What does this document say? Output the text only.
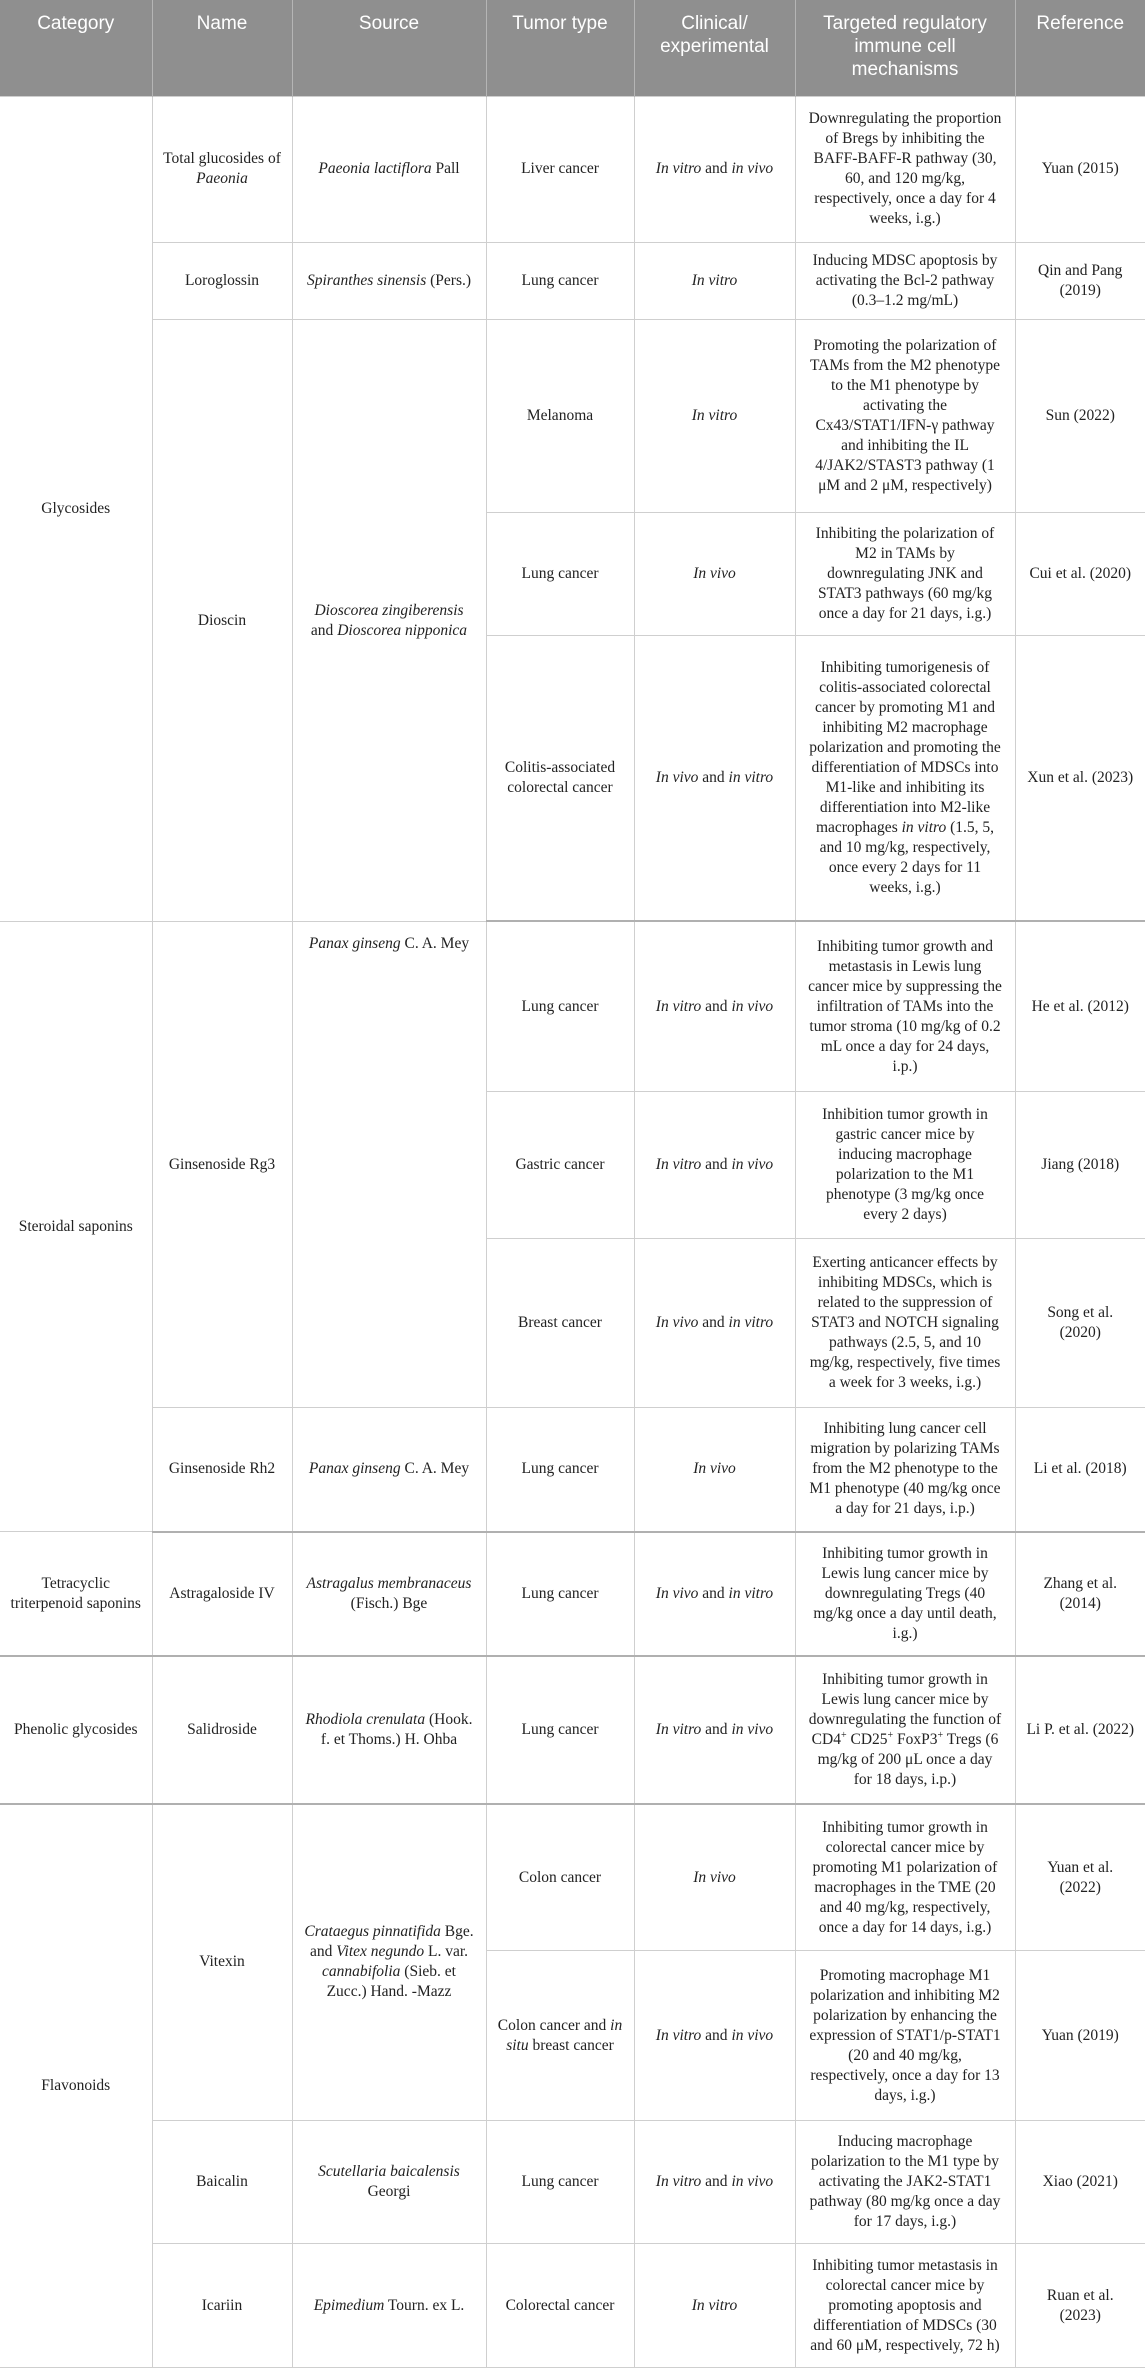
Category	Name	Source	Tumor type	Clinical/ experimental	Targeted regulatory immune cell mechanisms	Reference
Glycosides	Total glucosides of Paeonia	Paeonia lactiflora Pall	Liver cancer	In vitro and in vivo	Downregulating the proportion of Bregs by inhibiting the BAFF-BAFF-R pathway (30, 60, and 120 mg/kg, respectively, once a day for 4 weeks, i.g.)	Yuan (2015)
	Loroglossin	Spiranthes sinensis (Pers.)	Lung cancer	In vitro	Inducing MDSC apoptosis by activating the Bcl-2 pathway (0.3–1.2 mg/mL)	Qin and Pang (2019)
	Dioscin	Dioscorea zingiberensis and Dioscorea nipponica	Melanoma	In vitro	Promoting the polarization of TAMs from the M2 phenotype to the M1 phenotype by activating the Cx43/STAT1/IFN-γ pathway and inhibiting the IL 4/JAK2/STAST3 pathway (1 μM and 2 μM, respectively)	Sun (2022)
			Lung cancer	In vivo	Inhibiting the polarization of M2 in TAMs by downregulating JNK and STAT3 pathways (60 mg/kg once a day for 21 days, i.g.)	Cui et al. (2020)
			Colitis-associated colorectal cancer	In vivo and in vitro	Inhibiting tumorigenesis of colitis-associated colorectal cancer by promoting M1 and inhibiting M2 macrophage polarization and promoting the differentiation of MDSCs into M1-like and inhibiting its differentiation into M2-like macrophages in vitro (1.5, 5, and 10 mg/kg, respectively, once every 2 days for 11 weeks, i.g.)	Xun et al. (2023)
Steroidal saponins	Ginsenoside Rg3	Panax ginseng C. A. Mey	Lung cancer	In vitro and in vivo	Inhibiting tumor growth and metastasis in Lewis lung cancer mice by suppressing the infiltration of TAMs into the tumor stroma (10 mg/kg of 0.2 mL once a day for 24 days, i.p.)	He et al. (2012)
			Gastric cancer	In vitro and in vivo	Inhibition tumor growth in gastric cancer mice by inducing macrophage polarization to the M1 phenotype (3 mg/kg once every 2 days)	Jiang (2018)
			Breast cancer	In vivo and in vitro	Exerting anticancer effects by inhibiting MDSCs, which is related to the suppression of STAT3 and NOTCH signaling pathways (2.5, 5, and 10 mg/kg, respectively, five times a week for 3 weeks, i.g.)	Song et al. (2020)
	Ginsenoside Rh2	Panax ginseng C. A. Mey	Lung cancer	In vivo	Inhibiting lung cancer cell migration by polarizing TAMs from the M2 phenotype to the M1 phenotype (40 mg/kg once a day for 21 days, i.p.)	Li et al. (2018)
Tetracyclic triterpenoid saponins	Astragaloside IV	Astragalus membranaceus (Fisch.) Bge	Lung cancer	In vivo and in vitro	Inhibiting tumor growth in Lewis lung cancer mice by downregulating Tregs (40 mg/kg once a day until death, i.g.)	Zhang et al. (2014)
Phenolic glycosides	Salidroside	Rhodiola crenulata (Hook. f. et Thoms.) H. Ohba	Lung cancer	In vitro and in vivo	Inhibiting tumor growth in Lewis lung cancer mice by downregulating the function of CD4+ CD25+ FoxP3+ Tregs (6 mg/kg of 200 μL once a day for 18 days, i.p.)	Li P. et al. (2022)
Flavonoids	Vitexin	Crataegus pinnatifida Bge. and Vitex negundo L. var. cannabifolia (Sieb. et Zucc.) Hand. -Mazz	Colon cancer	In vivo	Inhibiting tumor growth in colorectal cancer mice by promoting M1 polarization of macrophages in the TME (20 and 40 mg/kg, respectively, once a day for 14 days, i.g.)	Yuan et al. (2022)
			Colon cancer and in situ breast cancer	In vitro and in vivo	Promoting macrophage M1 polarization and inhibiting M2 polarization by enhancing the expression of STAT1/p-STAT1 (20 and 40 mg/kg, respectively, once a day for 13 days, i.g.)	Yuan (2019)
	Baicalin	Scutellaria baicalensis Georgi	Lung cancer	In vitro and in vivo	Inducing macrophage polarization to the M1 type by activating the JAK2-STAT1 pathway (80 mg/kg once a day for 17 days, i.g.)	Xiao (2021)
	Icariin	Epimedium Tourn. ex L.	Colorectal cancer	In vitro	Inhibiting tumor metastasis in colorectal cancer mice by promoting apoptosis and differentiation of MDSCs (30 and 60 μM, respectively, 72 h)	Ruan et al. (2023)
